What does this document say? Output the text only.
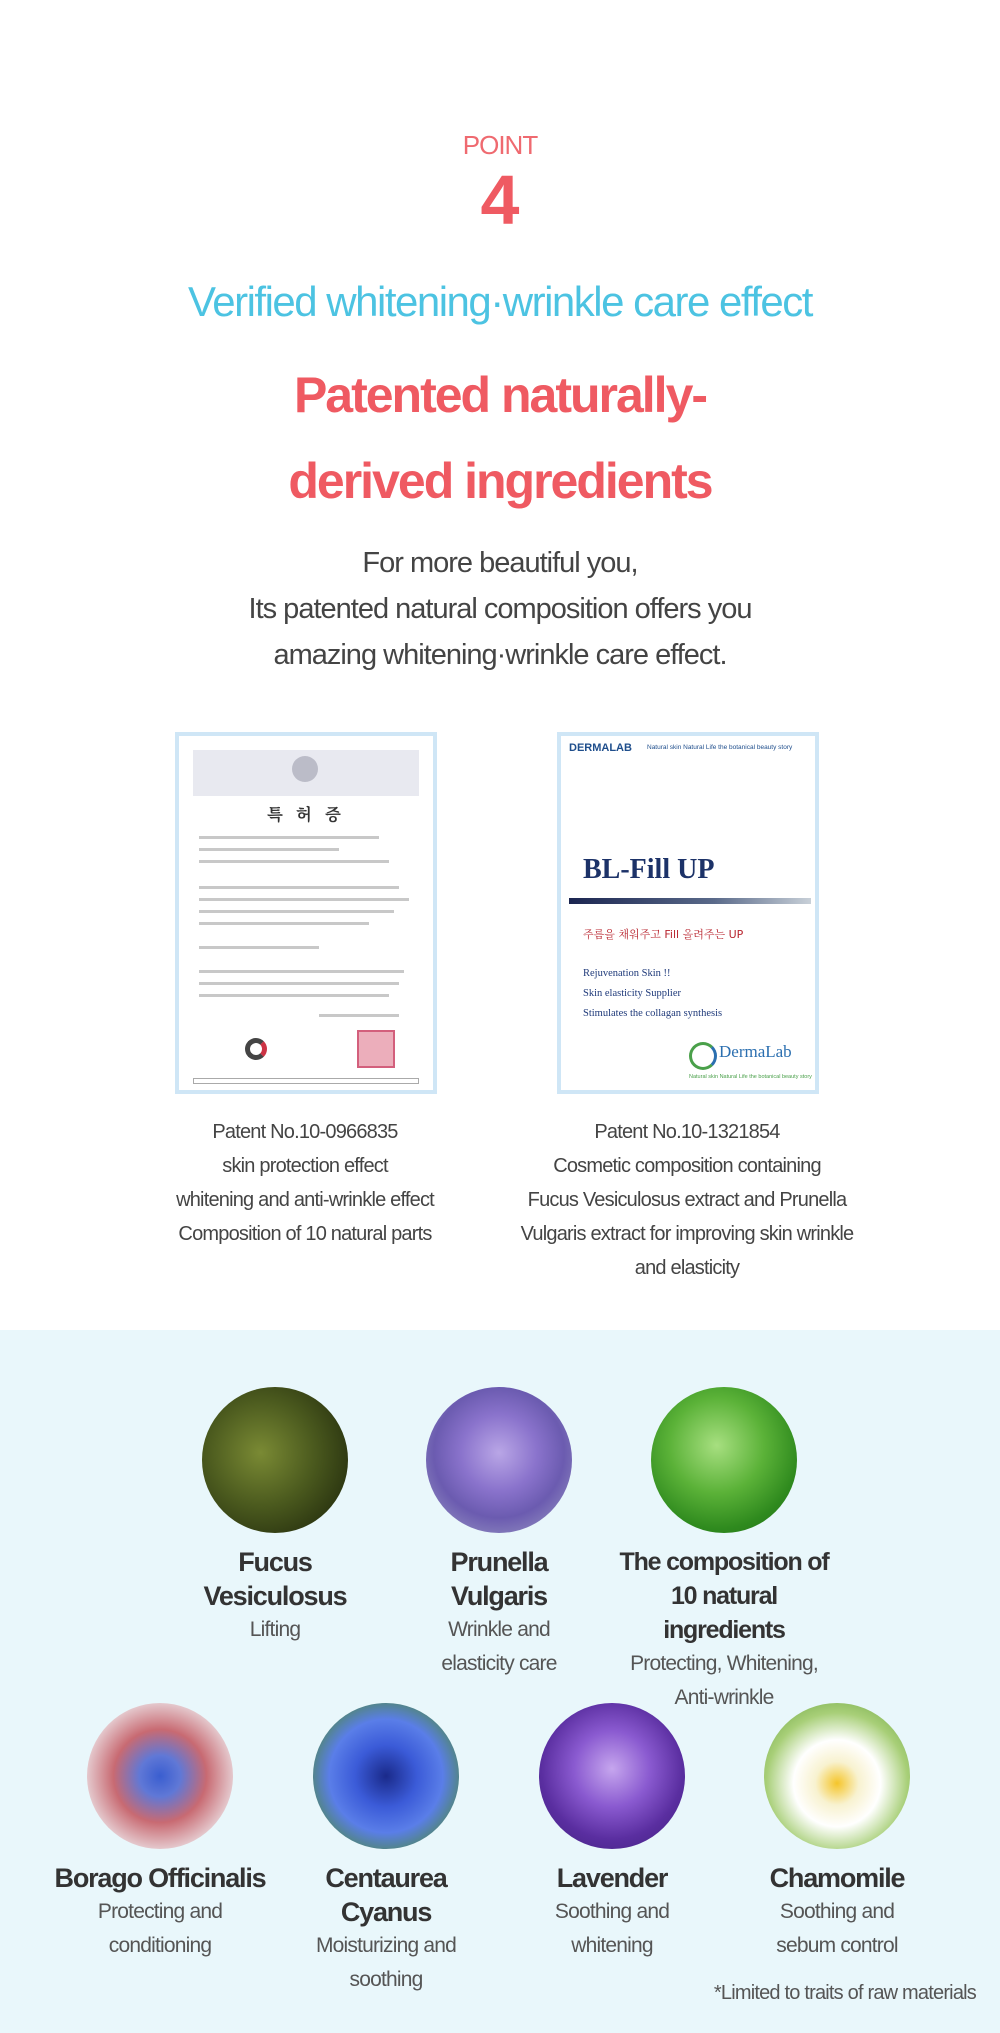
POINT
4
Verified whitening·wrinkle care effect
Patented naturally-
derived ingredients
For more beautiful you,
Its patented natural composition offers you
amazing whitening·wrinkle care effect.
특 허 증
DERMALAB Natural skin Natural Life the botanical beauty story
BL-Fill UP
주름을 채워주고 Fill 올려주는 UP
Rejuvenation Skin !!
Skin elasticity Supplier
Stimulates the collagan synthesis
DermaLab
Natural skin Natural Life the botanical beauty story
Patent No.10-0966835
skin protection effect
whitening and anti-wrinkle effect
Composition of 10 natural parts
Patent No.10-1321854
Cosmetic composition containing
Fucus Vesiculosus extract and Prunella
Vulgaris extract for improving skin wrinkle
and elasticity
Fucus Vesiculosus
Lifting
Prunella
Vulgaris
Wrinkle and
elasticity care
The composition of
10 natural ingredients
Protecting, Whitening,
Anti-wrinkle
Borago Officinalis
Protecting and
conditioning
Centaurea
Cyanus
Moisturizing and
soothing
Lavender
Soothing and
whitening
Chamomile
Soothing and
sebum control
*Limited to traits of raw materials
